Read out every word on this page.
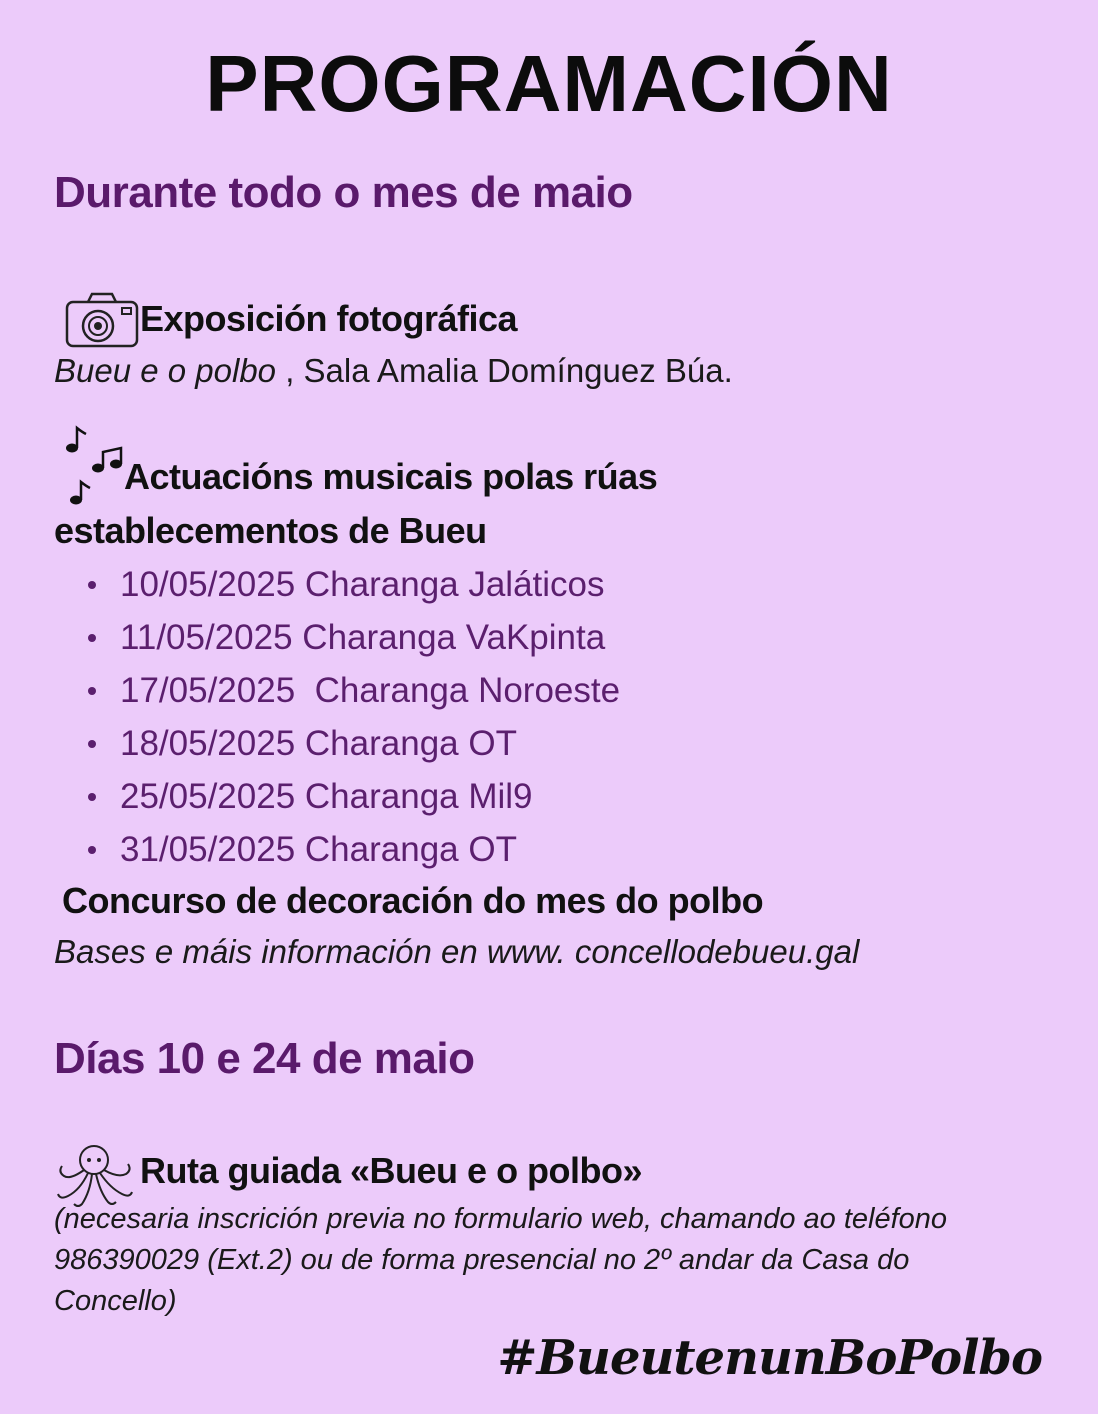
PROGRAMACIÓN
Durante todo o mes de maio
Exposición fotográfica
Bueu e o polbo , Sala Amalia Domínguez Búa.
Actuacións musicais polas rúas
establecementos de Bueu
10/05/2025 Charanga Jaláticos
11/05/2025 Charanga VaKpinta
17/05/2025  Charanga Noroeste
18/05/2025 Charanga OT
25/05/2025 Charanga Mil9
31/05/2025 Charanga OT
Concurso de decoración do mes do polbo
Bases e máis información en www. concellodebueu.gal
Días 10 e 24 de maio
Ruta guiada «Bueu e o polbo»
(necesaria inscrición previa no formulario web, chamando ao teléfono
986390029 (Ext.2) ou de forma presencial no 2º andar da Casa do
Concello)
#BueutenunBoPolbo
